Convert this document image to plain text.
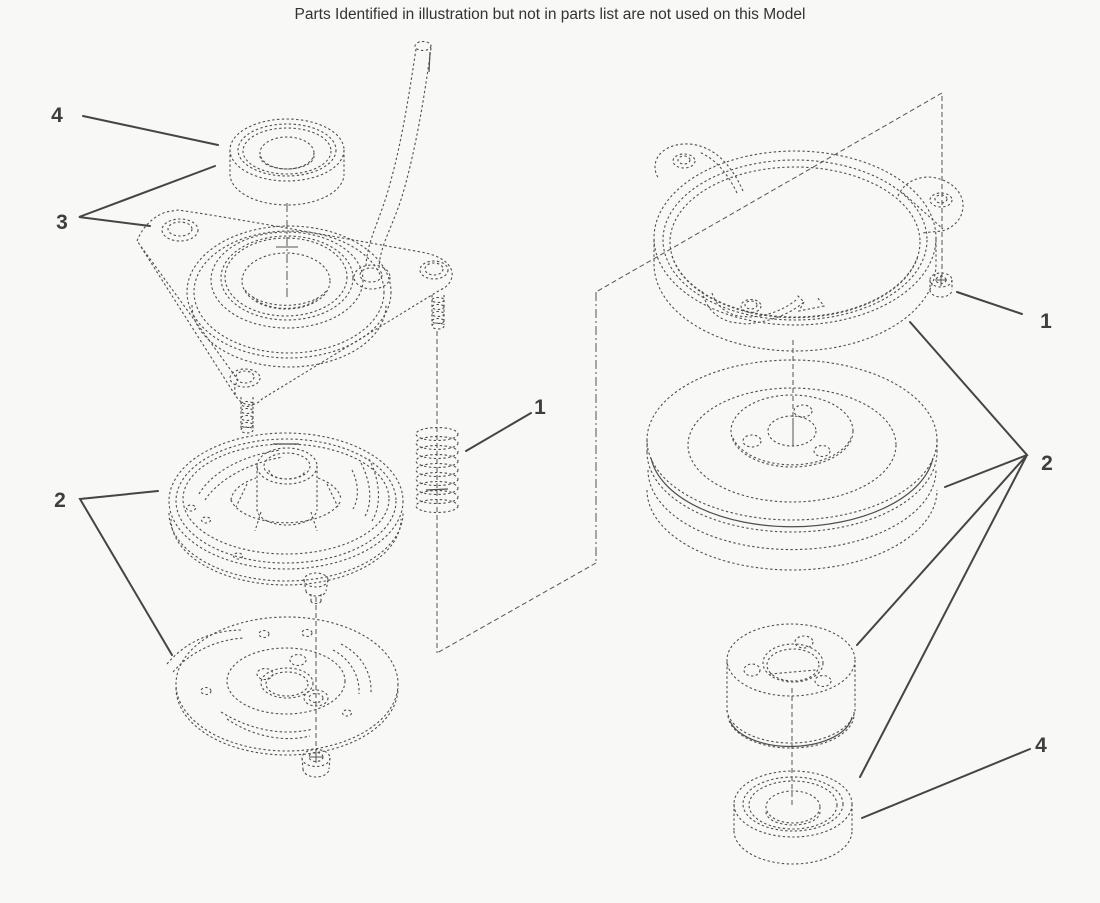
Parts Identified in illustration but not in parts list are not used on this Model
4
3
2
1
1
2
4
